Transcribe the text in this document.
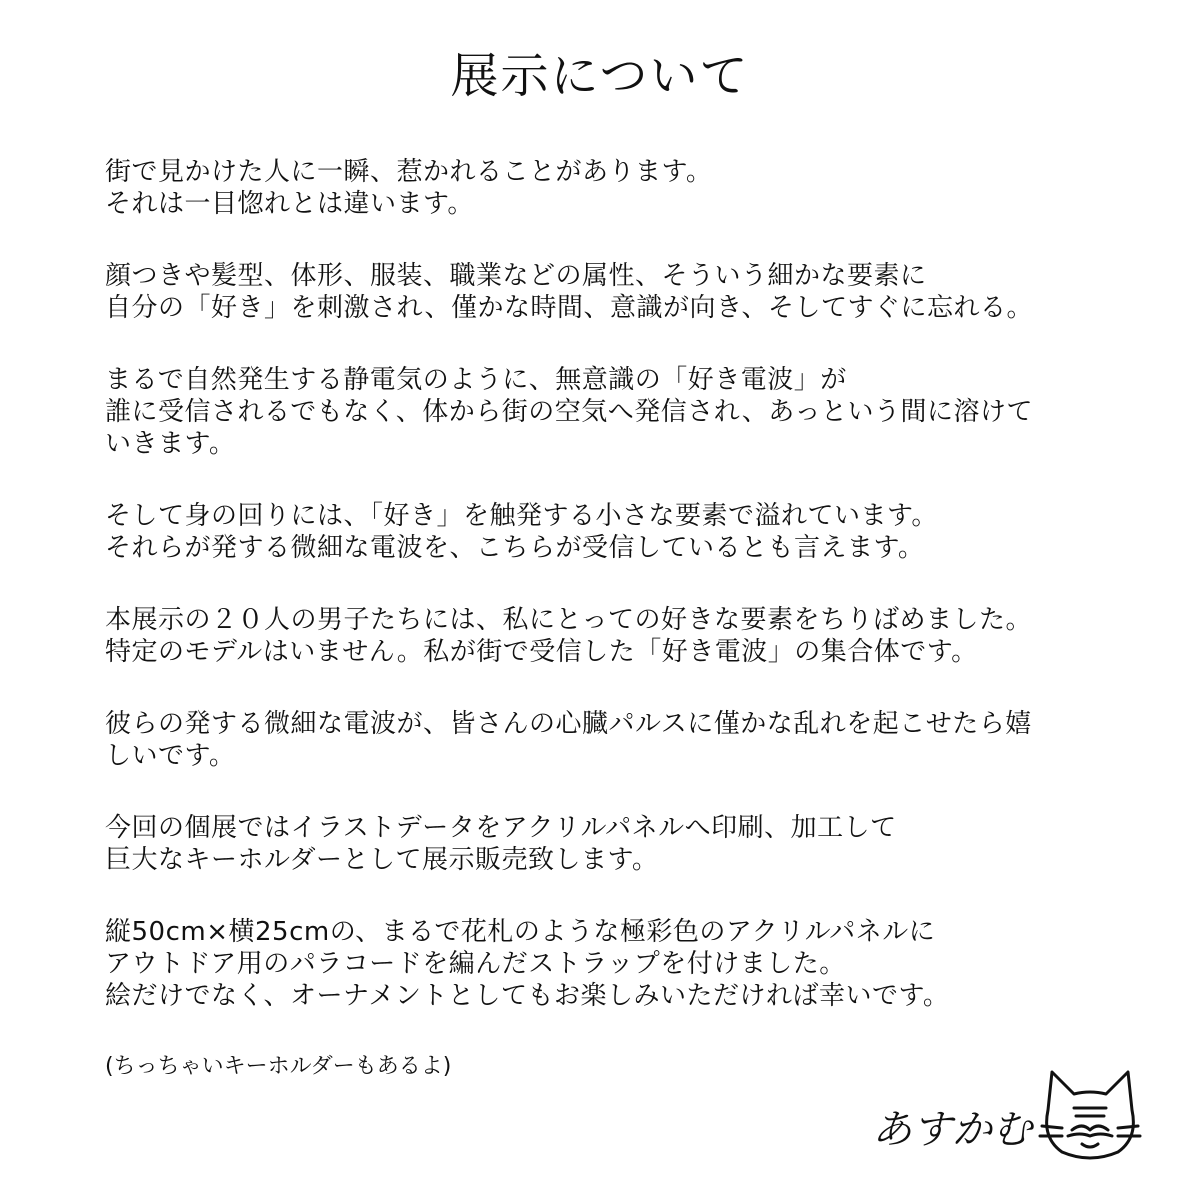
展示について
街で見かけた人に一瞬、惹かれることがあります。
それは一目惚れとは違います。
顔つきや髪型、体形、服装、職業などの属性、そういう細かな要素に
自分の「好き」を刺激され、僅かな時間、意識が向き、そしてすぐに忘れる。
まるで自然発生する静電気のように、無意識の「好き電波」が
誰に受信されるでもなく、体から街の空気へ発信され、あっという間に溶けて
いきます。
そして身の回りには、「好き」を触発する小さな要素で溢れています。
それらが発する微細な電波を、こちらが受信しているとも言えます。
本展示の２０人の男子たちには、私にとっての好きな要素をちりばめました。
特定のモデルはいません。私が街で受信した「好き電波」の集合体です。
彼らの発する微細な電波が、皆さんの心臓パルスに僅かな乱れを起こせたら嬉
しいです。
今回の個展ではイラストデータをアクリルパネルへ印刷、加工して
巨大なキーホルダーとして展示販売致します。
縦50cm×横25cmの、まるで花札のような極彩色のアクリルパネルに
アウトドア用のパラコードを編んだストラップを付けました。
絵だけでなく、オーナメントとしてもお楽しみいただければ幸いです。
(ちっちゃいキーホルダーもあるよ)
あすかむ
